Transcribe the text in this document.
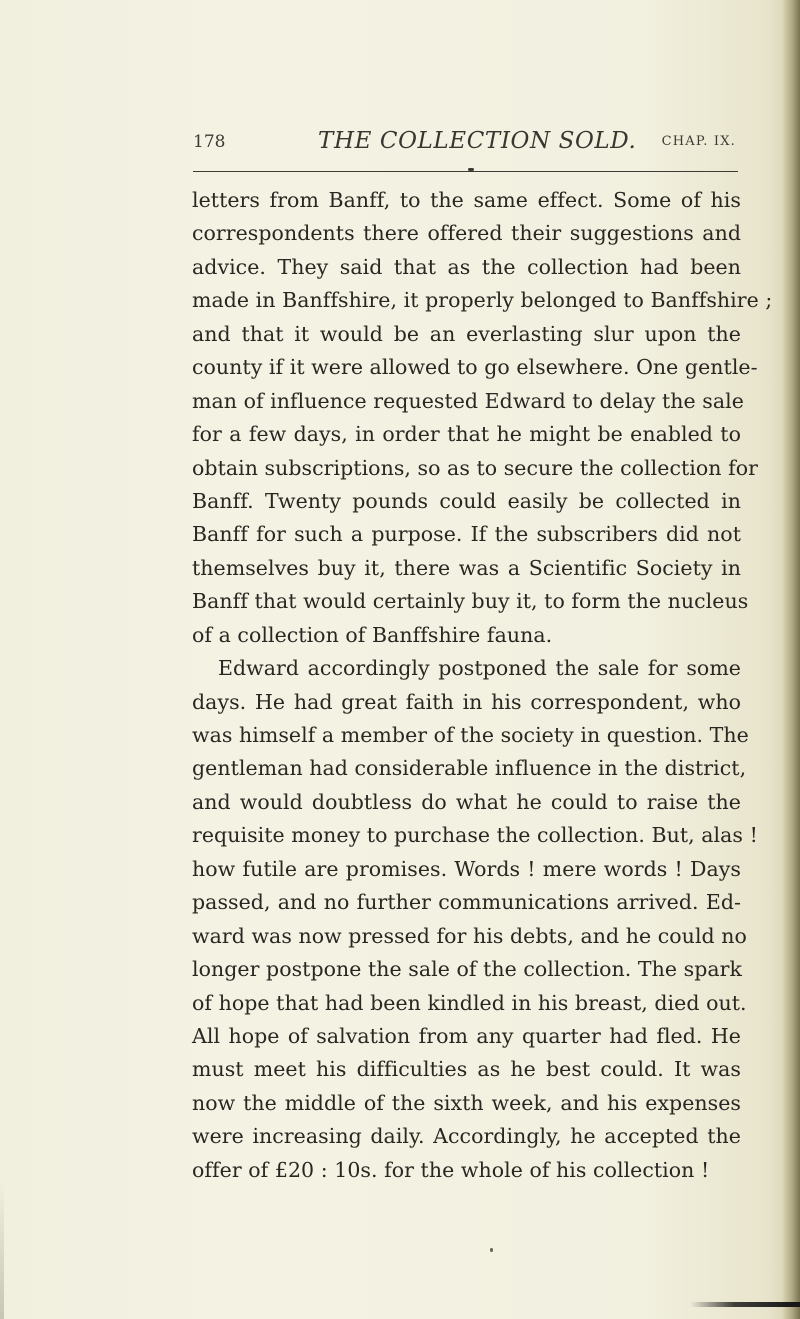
178	THE COLLECTION SOLD. CHAP. IX.
letters from Banff, to the same effect. Some of his
correspondents there offered their suggestions and
advice. They said that as the collection had been
made in Banffshire, it properly belonged to Banffshire ;
and that it would be an everlasting slur upon the
county if it were allowed to go elsewhere. One gentle-
man of influence requested Edward to delay the sale
for a few days, in order that he might be enabled to
obtain subscriptions, so as to secure the collection for
Banff. Twenty pounds could easily be collected in
Banff for such a purpose. If the subscribers did not
themselves buy it, there was a Scientific Society in
Banff that would certainly buy it, to form the nucleus
of a collection of Banffshire fauna.
Edward accordingly postponed the sale for some
days. He had great faith in his correspondent, who
was himself a member of the society in question. The
gentleman had considerable influence in the district,
and would doubtless do what he could to raise the
requisite money to purchase the collection. But, alas !
how futile are promises. Words ! mere words ! Days
passed, and no further communications arrived. Ed-
ward was now pressed for his debts, and he could no
longer postpone the sale of the collection. The spark
of hope that had been kindled in his breast, died out.
All hope of salvation from any quarter had fled. He
must meet his difficulties as he best could. It was
now the middle of the sixth week, and his expenses
were increasing daily. Accordingly, he accepted the
offer of £20 : 10s. for the whole of his collection !
